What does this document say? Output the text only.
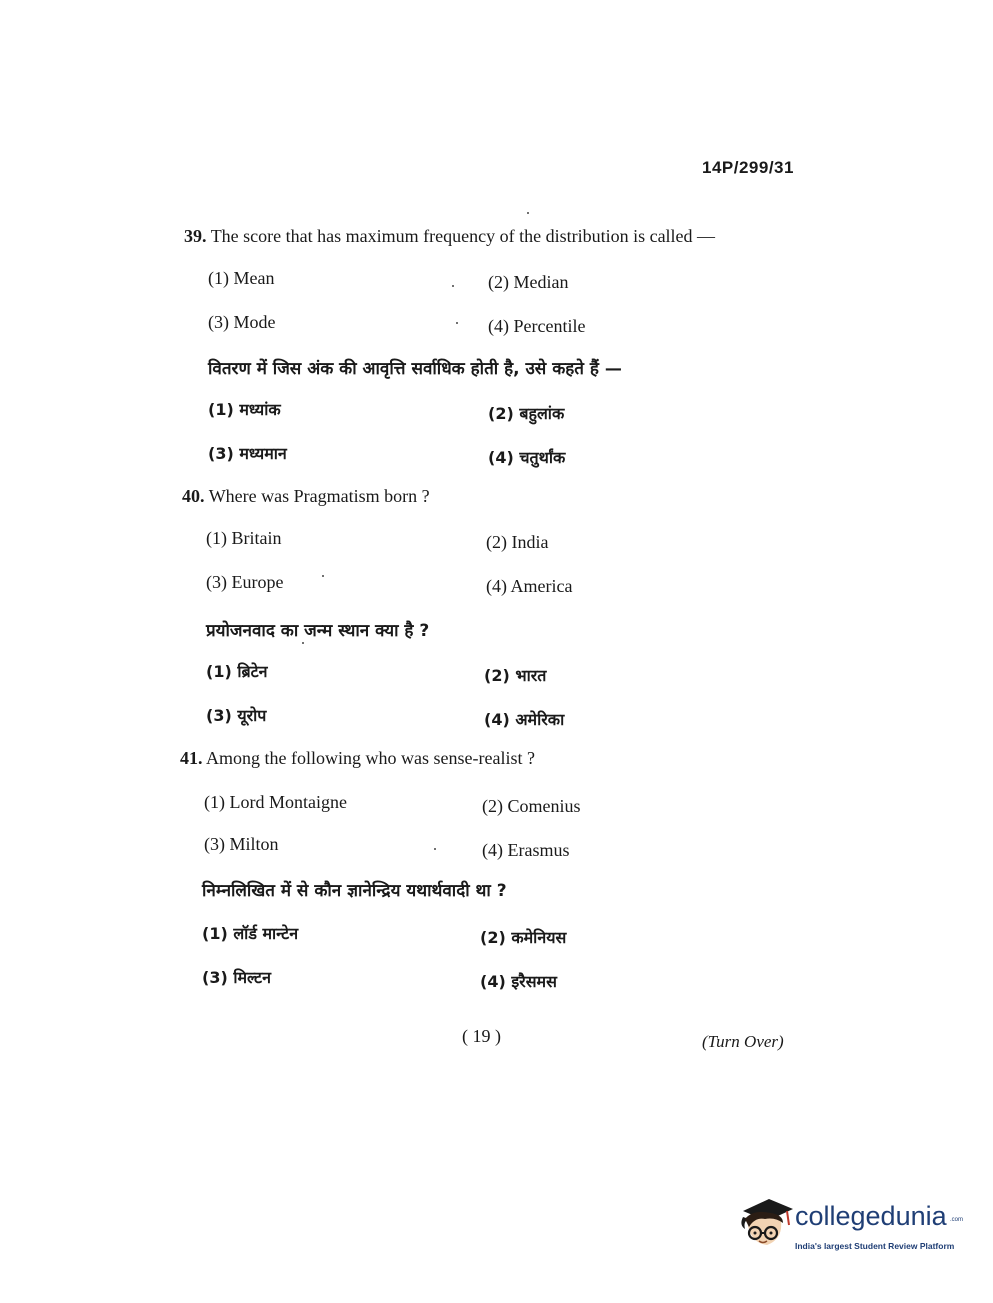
14P/299/31
39. The score that has maximum frequency of the distribution is called —
(1) Mean	(2) Median
(3) Mode	(4) Percentile
वितरण में जिस अंक की आवृत्ति सर्वाधिक होती है, उसे कहते हैं —
(1) मध्यांक	(2) बहुलांक
(3) मध्यमान	(4) चतुर्थांक
40. Where was Pragmatism born ?
(1) Britain	(2) India
(3) Europe	(4) America
प्रयोजनवाद का जन्म स्थान क्या है ?
(1) ब्रिटेन	(2) भारत
(3) यूरोप	(4) अमेरिका
41. Among the following who was sense-realist ?
(1) Lord Montaigne	(2) Comenius
(3) Milton	(4) Erasmus
निम्नलिखित में से कौन ज्ञानेन्द्रिय यथार्थवादी था ?
(1) लॉर्ड मान्टेन	(2) कमेनियस
(3) मिल्टन	(4) इरैसमस
( 19 )	(Turn Over)
collegedunia .com
India's largest Student Review Platform
